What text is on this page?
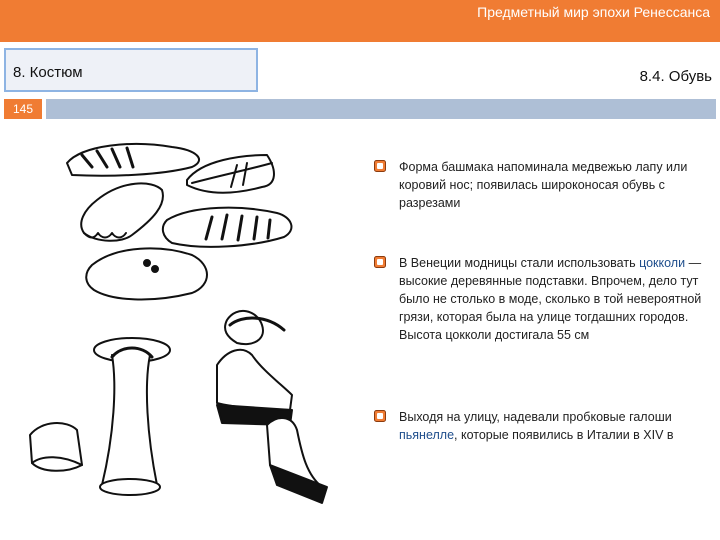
Предметный мир эпохи Ренессанса
8. Костюм	8.4. Обувь
145
Форма башмака напоминала медвежью лапу или коровий нос; появилась широконосая обувь с разрезами
В Венеции модницы стали использовать цокколи — высокие деревянные подставки. Впрочем, дело тут было не столько в моде, сколько в той невероятной грязи, которая была на улице тогдашних городов. Высота цокколи достигала 55 см
Выходя на улицу, надевали пробковые галоши пьянелле, которые появились в Италии в XIV в
